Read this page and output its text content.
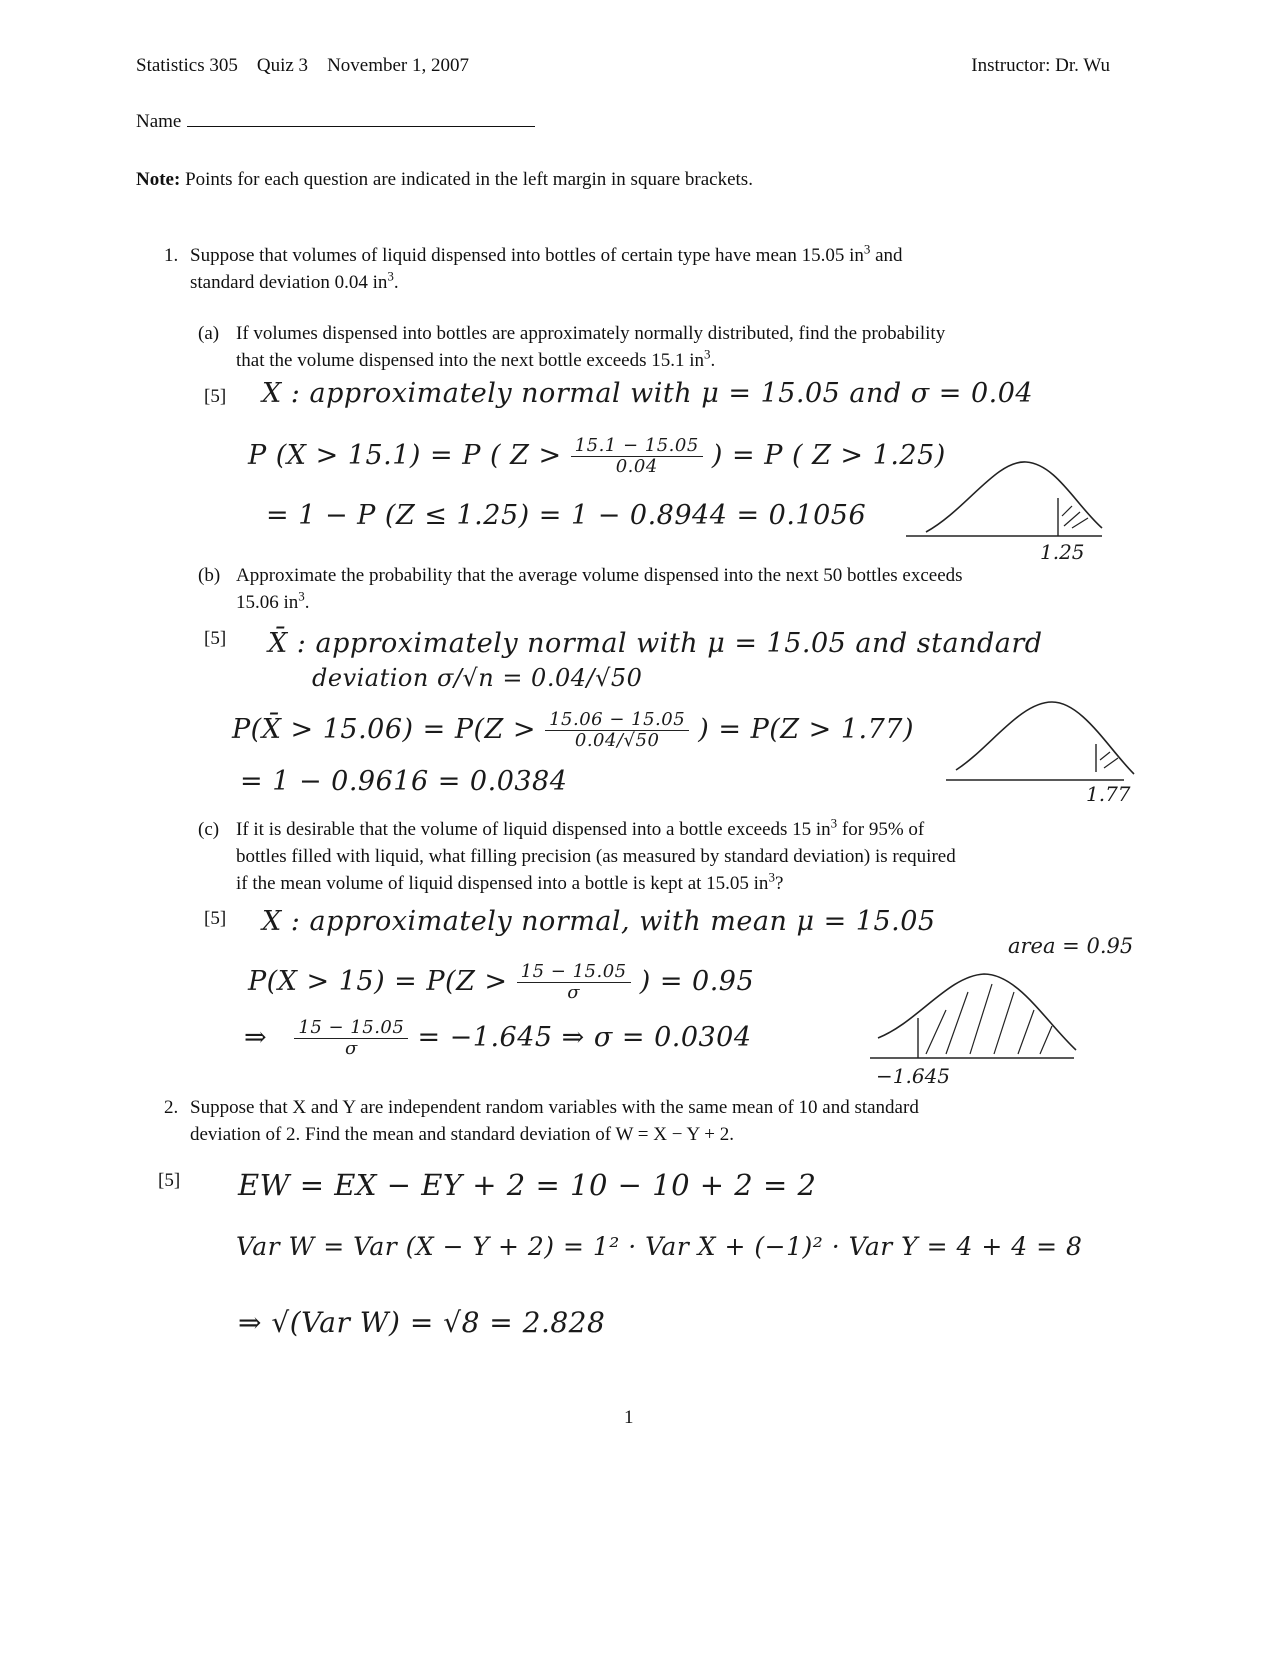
Statistics 305 Quiz 3 November 1, 2007	Instructor: Dr. Wu
Name
Note: Points for each question are indicated in the left margin in square brackets.
1. Suppose that volumes of liquid dispensed into bottles of certain type have mean 15.05 $in^3$ and
standard deviation 0.04 $in^3$.
(a) If volumes dispensed into bottles are approximately normally distributed, find the probability
that the volume dispensed into the next bottle exceeds 15.1 $in^3$.
[5] X : approximately normal with μ = 15.05 and σ = 0.04
P (X > 15.1) = P ( $Z > \frac{15.1 - 15.05}{0.04}$ ) = P ( Z > 1.25)
= 1 − P (Z ≤ 1.25) = 1 − 0.8944 = 0.1056
1.25
(b) Approximate the probability that the average volume dispensed into the next 50 bottles exceeds
15.06 $in^3$.
[5] X̄ : approximately normal with μ = 15.05 and standard
deviation σ/√n = 0.04/√50
P(X̄ > $15.06) = P(Z > \frac{15.06 - 15.05}{0.04/√50}$ ) = P(Z > 1.77)
= 1 − 0.9616 = 0.0384	1.77
(c) If it is desirable that the volume of liquid dispensed into a bottle exceeds 15 $in^3$ for 95% of
bottles filled with liquid, what filling precision (as measured by standard deviation) is required
if the mean volume of liquid dispensed into a bottle is kept at 15.05 $in^3$?
[5] X : approximately normal, with mean μ = 15.05
$P(X > 15) = P(Z > \frac{15 - 15.05}{\sigma}$ ) = 0.95
⇒ $\frac{15 - 15.05}{\sigma} = -1.645$ ⇒ σ = 0.0304
area = 0.95
−1.645
2. Suppose that X and Y are independent random variables with the same mean of 10 and standard
deviation of 2. Find the mean and standard deviation of W = X − Y + 2.
[5] EW = EX − EY + 2 = 10 − 10 + 2 = 2
Var W = Var (X − Y + 2) = 1² · Var X + (−1)² · Var Y = 4 + 4 = 8
⇒ √(Var W) = √8 = 2.828
1
